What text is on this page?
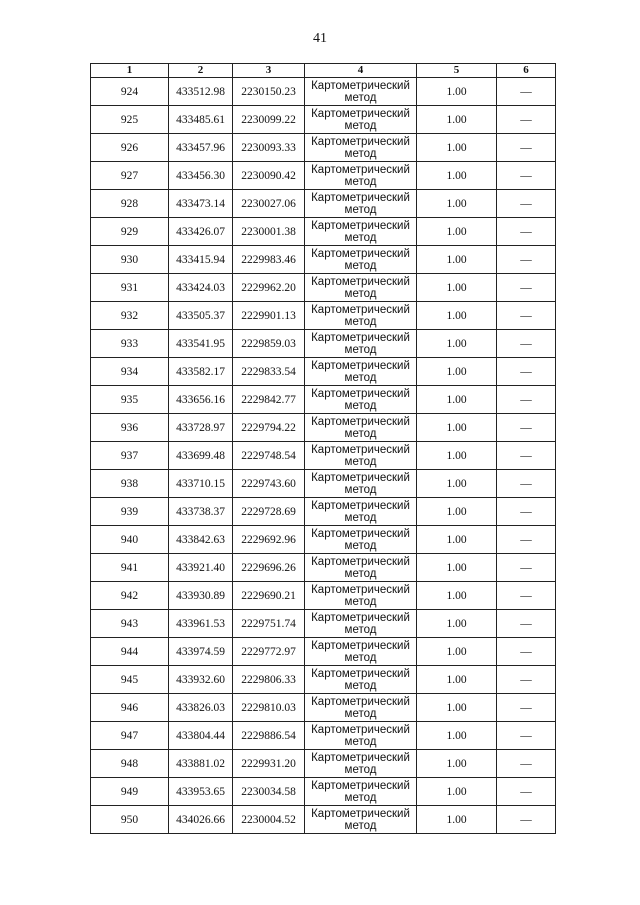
41
1	2	3	4	5	6
924	433512.98	2230150.23	Картометрический метод	1.00	—
925	433485.61	2230099.22	Картометрический метод	1.00	—
926	433457.96	2230093.33	Картометрический метод	1.00	—
927	433456.30	2230090.42	Картометрический метод	1.00	—
928	433473.14	2230027.06	Картометрический метод	1.00	—
929	433426.07	2230001.38	Картометрический метод	1.00	—
930	433415.94	2229983.46	Картометрический метод	1.00	—
931	433424.03	2229962.20	Картометрический метод	1.00	—
932	433505.37	2229901.13	Картометрический метод	1.00	—
933	433541.95	2229859.03	Картометрический метод	1.00	—
934	433582.17	2229833.54	Картометрический метод	1.00	—
935	433656.16	2229842.77	Картометрический метод	1.00	—
936	433728.97	2229794.22	Картометрический метод	1.00	—
937	433699.48	2229748.54	Картометрический метод	1.00	—
938	433710.15	2229743.60	Картометрический метод	1.00	—
939	433738.37	2229728.69	Картометрический метод	1.00	—
940	433842.63	2229692.96	Картометрический метод	1.00	—
941	433921.40	2229696.26	Картометрический метод	1.00	—
942	433930.89	2229690.21	Картометрический метод	1.00	—
943	433961.53	2229751.74	Картометрический метод	1.00	—
944	433974.59	2229772.97	Картометрический метод	1.00	—
945	433932.60	2229806.33	Картометрический метод	1.00	—
946	433826.03	2229810.03	Картометрический метод	1.00	—
947	433804.44	2229886.54	Картометрический метод	1.00	—
948	433881.02	2229931.20	Картометрический метод	1.00	—
949	433953.65	2230034.58	Картометрический метод	1.00	—
950	434026.66	2230004.52	Картометрический метод	1.00	—
